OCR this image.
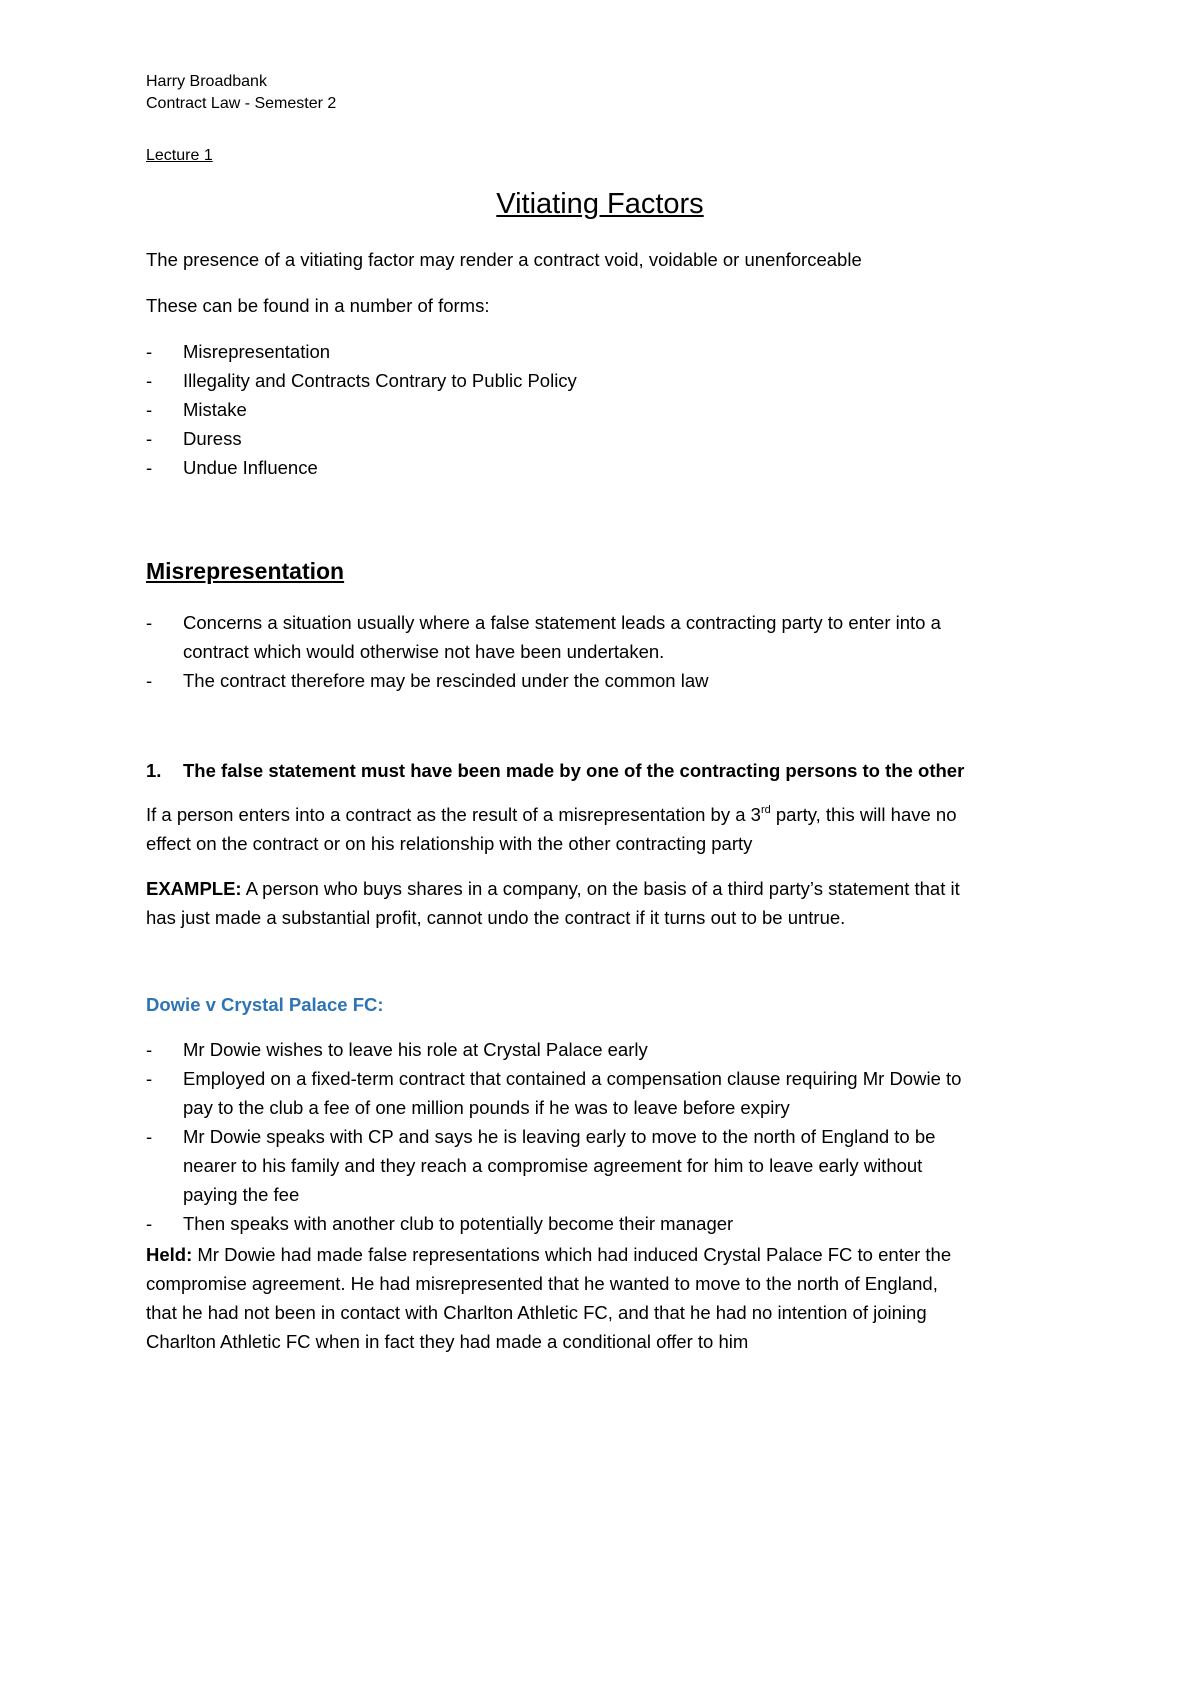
Harry Broadbank
Contract Law - Semester 2
Lecture 1
Vitiating Factors
The presence of a vitiating factor may render a contract void, voidable or unenforceable
These can be found in a number of forms:
- Misrepresentation
- Illegality and Contracts Contrary to Public Policy
- Mistake
- Duress
- Undue Influence
Misrepresentation
- Concerns a situation usually where a false statement leads a contracting party to enter into a
contract which would otherwise not have been undertaken.
- The contract therefore may be rescinded under the common law
1. The false statement must have been made by one of the contracting persons to the other
If a person enters into a contract as the result of a misrepresentation by a 3rd party, this will have no
effect on the contract or on his relationship with the other contracting party
EXAMPLE: A person who buys shares in a company, on the basis of a third party’s statement that it
has just made a substantial profit, cannot undo the contract if it turns out to be untrue.
Dowie v Crystal Palace FC:
- Mr Dowie wishes to leave his role at Crystal Palace early
- Employed on a fixed-term contract that contained a compensation clause requiring Mr Dowie to
pay to the club a fee of one million pounds if he was to leave before expiry
- Mr Dowie speaks with CP and says he is leaving early to move to the north of England to be
nearer to his family and they reach a compromise agreement for him to leave early without
paying the fee
- Then speaks with another club to potentially become their manager
Held: Mr Dowie had made false representations which had induced Crystal Palace FC to enter the
compromise agreement. He had misrepresented that he wanted to move to the north of England,
that he had not been in contact with Charlton Athletic FC, and that he had no intention of joining
Charlton Athletic FC when in fact they had made a conditional offer to him
